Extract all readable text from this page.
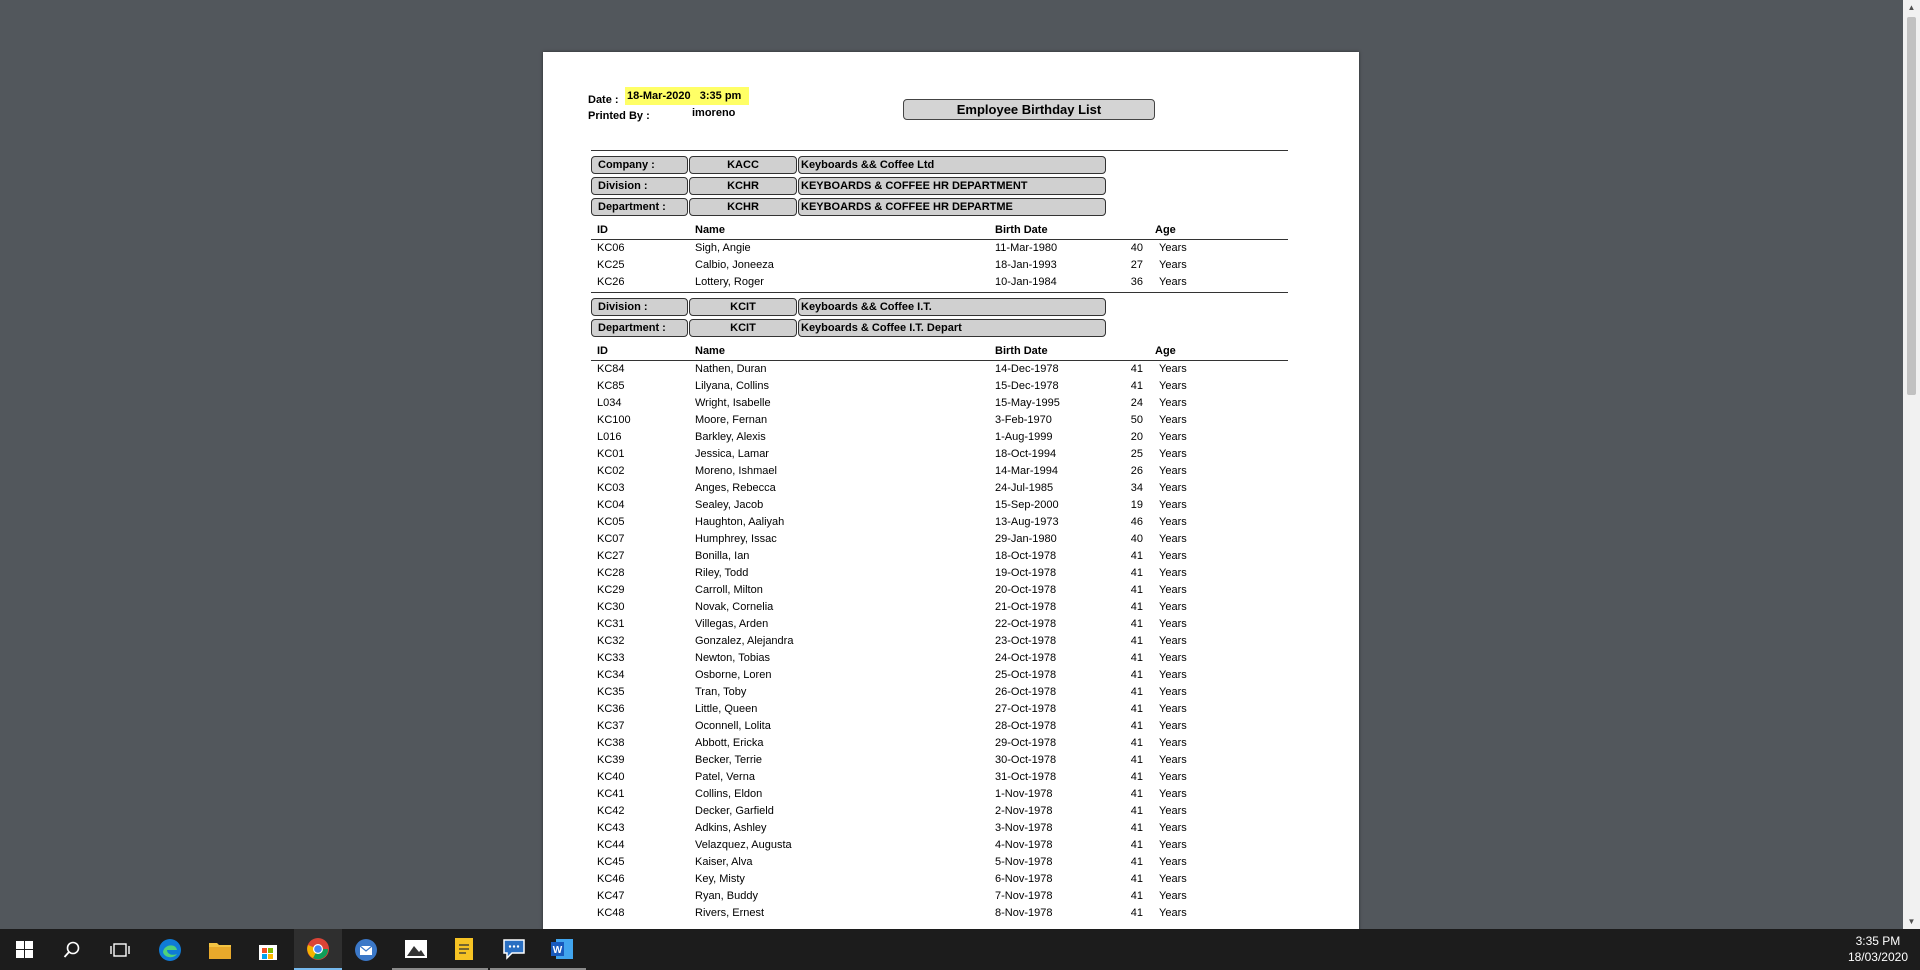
Date : 18-Mar-2020 3:35 pm
Printed By :	imoreno	Employee Birthday List
Company :	KACC	Keyboards && Coffee Ltd
Division :	KCHR	KEYBOARDS & COFFEE HR DEPARTMENT
Department :	KCHR	KEYBOARDS & COFFEE HR DEPARTME
ID	Name	Birth Date	Age
KC06	Sigh, Angie	11-Mar-1980	40 Years
KC25	Calbio, Joneeza	18-Jan-1993	27 Years
KC26	Lottery, Roger	10-Jan-1984	36 Years
Division :	KCIT	Keyboards && Coffee I.T.
Department :	KCIT	Keyboards & Coffee I.T. Depart
ID	Name	Birth Date	Age
KC84	Nathen, Duran	14-Dec-1978	41 Years
KC85	Lilyana, Collins	15-Dec-1978	41 Years
L034	Wright, Isabelle	15-May-1995	24 Years
KC100	Moore, Fernan	3-Feb-1970	50 Years
L016	Barkley, Alexis	1-Aug-1999	20 Years
KC01	Jessica, Lamar	18-Oct-1994	25 Years
KC02	Moreno, Ishmael	14-Mar-1994	26 Years
KC03	Anges, Rebecca	24-Jul-1985	34 Years
KC04	Sealey, Jacob	15-Sep-2000	19 Years
KC05	Haughton, Aaliyah	13-Aug-1973	46 Years
KC07	Humphrey, Issac	29-Jan-1980	40 Years
KC27	Bonilla, Ian	18-Oct-1978	41 Years
KC28	Riley, Todd	19-Oct-1978	41 Years
KC29	Carroll, Milton	20-Oct-1978	41 Years
KC30	Novak, Cornelia	21-Oct-1978	41 Years
KC31	Villegas, Arden	22-Oct-1978	41 Years
KC32	Gonzalez, Alejandra	23-Oct-1978	41 Years
KC33	Newton, Tobias	24-Oct-1978	41 Years
KC34	Osborne, Loren	25-Oct-1978	41 Years
KC35	Tran, Toby	26-Oct-1978	41 Years
KC36	Little, Queen	27-Oct-1978	41 Years
KC37	Oconnell, Lolita	28-Oct-1978	41 Years
KC38	Abbott, Ericka	29-Oct-1978	41 Years
KC39	Becker, Terrie	30-Oct-1978	41 Years
KC40	Patel, Verna	31-Oct-1978	41 Years
KC41	Collins, Eldon	1-Nov-1978	41 Years
KC42	Decker, Garfield	2-Nov-1978	41 Years
KC43	Adkins, Ashley	3-Nov-1978	41 Years
KC44	Velazquez, Augusta	4-Nov-1978	41 Years
KC45	Kaiser, Alva	5-Nov-1978	41 Years
KC46	Key, Misty	6-Nov-1978	41 Years
KC47	Ryan, Buddy	7-Nov-1978	41 Years
KC48	Rivers, Ernest	8-Nov-1978	41 Years
▲
▼
W
3:35 PM
18/03/2020
